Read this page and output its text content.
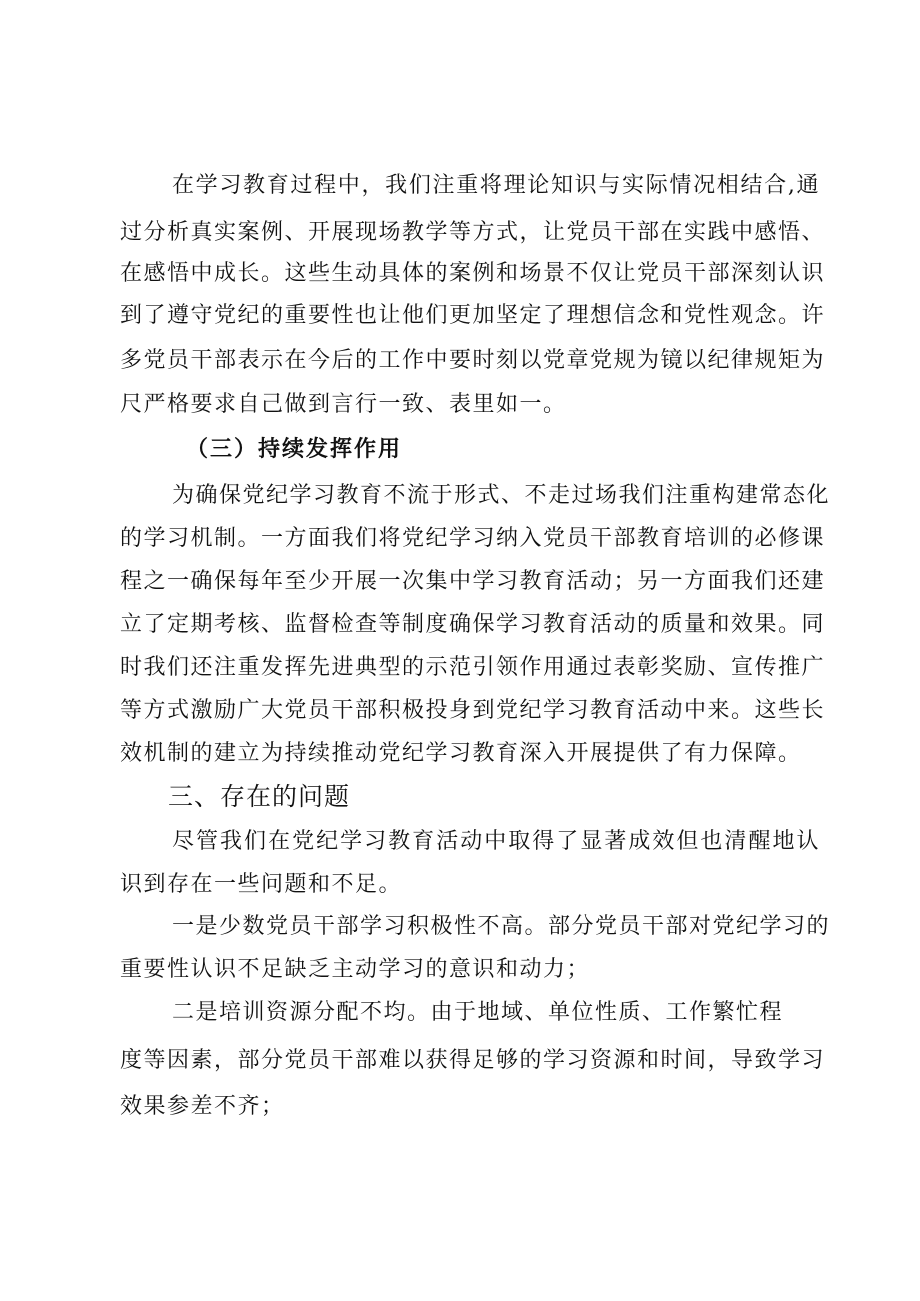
在学习教育过程中，我们注重将理论知识与实际情况相结合,通
过分析真实案例、开展现场教学等方式，让党员干部在实践中感悟、
在感悟中成长。这些生动具体的案例和场景不仅让党员干部深刻认识
到了遵守党纪的重要性也让他们更加坚定了理想信念和党性观念。许
多党员干部表示在今后的工作中要时刻以党章党规为镜以纪律规矩为
尺严格要求自己做到言行一致、表里如一。
（三）持续发挥作用
为确保党纪学习教育不流于形式、不走过场我们注重构建常态化
的学习机制。一方面我们将党纪学习纳入党员干部教育培训的必修课
程之一确保每年至少开展一次集中学习教育活动；另一方面我们还建
立了定期考核、监督检查等制度确保学习教育活动的质量和效果。同
时我们还注重发挥先进典型的示范引领作用通过表彰奖励、宣传推广
等方式激励广大党员干部积极投身到党纪学习教育活动中来。这些长
效机制的建立为持续推动党纪学习教育深入开展提供了有力保障。
三、存在的问题
尽管我们在党纪学习教育活动中取得了显著成效但也清醒地认
识到存在一些问题和不足。
一是少数党员干部学习积极性不高。部分党员干部对党纪学习的
重要性认识不足缺乏主动学习的意识和动力；
二是培训资源分配不均。由于地域、单位性质、工作繁忙程
度等因素，部分党员干部难以获得足够的学习资源和时间，导致学习
效果参差不齐；
